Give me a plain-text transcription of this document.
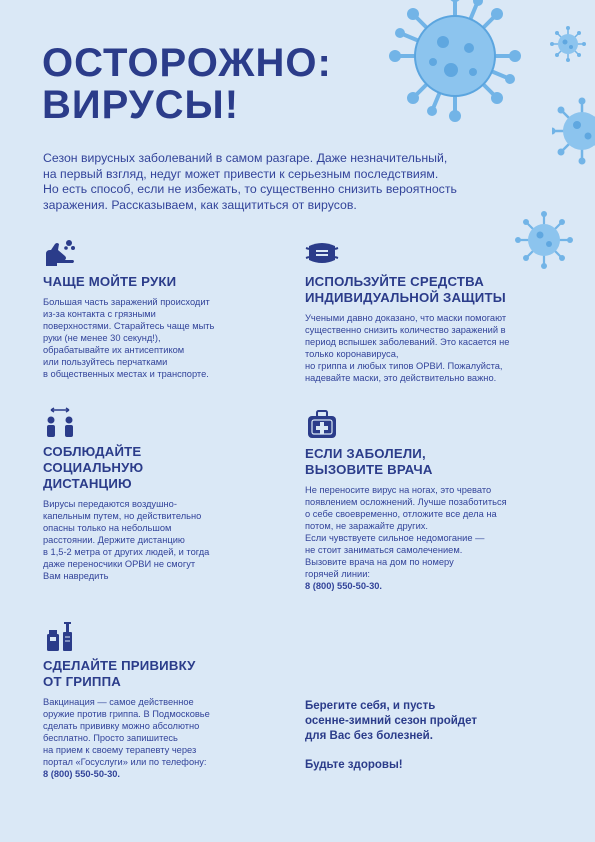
ОСТОРОЖНО:
ВИРУСЫ!
Сезон вирусных заболеваний в самом разгаре. Даже незначительный,
на первый взгляд, недуг может привести к серьезным последствиям.
Но есть способ, если не избежать, то существенно снизить вероятность
заражения. Рассказываем, как защититься от вирусов.
ЧАЩЕ МОЙТЕ РУКИ

Большая часть заражений происходит
из-за контакта с грязными
поверхностями. Старайтесь чаще мыть
руки (не менее 30 секунд!),
обрабатывайте их антисептиком
или пользуйтесь перчатками
в общественных местах и транспорте.

ИСПОЛЬЗУЙТЕ СРЕДСТВА
ИНДИВИДУАЛЬНОЙ ЗАЩИТЫ

Учеными давно доказано, что маски помогают
существенно снизить количество заражений в
период вспышек заболеваний. Это касается не
только коронавируса,
но гриппа и любых типов ОРВИ. Пожалуйста,
надевайте маски, это действительно важно.

СОБЛЮДАЙТЕ
СОЦИАЛЬНУЮ
ДИСТАНЦИЮ

Вирусы передаются воздушно-
капельным путем, но действительно
опасны только на небольшом
расстоянии. Держите дистанцию
в 1,5-2 метра от других людей, и тогда
даже переносчики ОРВИ не смогут
Вам навредить

ЕСЛИ ЗАБОЛЕЛИ,
ВЫЗОВИТЕ ВРАЧА

Не переносите вирус на ногах, это чревато
появлением осложнений. Лучше позаботиться
о себе своевременно, отложите все дела на
потом, не заражайте других.
Если чувствуете сильное недомогание —
не стоит заниматься самолечением.
Вызовите врача на дом по номеру
горячей линии:
8 (800) 550-50-30.

СДЕЛАЙТЕ ПРИВИВКУ
ОТ ГРИППА

Вакцинация — самое действенное
оружие против гриппа. В Подмосковье
сделать прививку можно абсолютно
бесплатно. Просто запишитесь
на прием к своему терапевту через
портал «Госуслуги» или по телефону:
8 (800) 550-50-30.

Берегите себя, и пусть
осенне-зимний сезон пройдет
для Вас без болезней.
Будьте здоровы!
